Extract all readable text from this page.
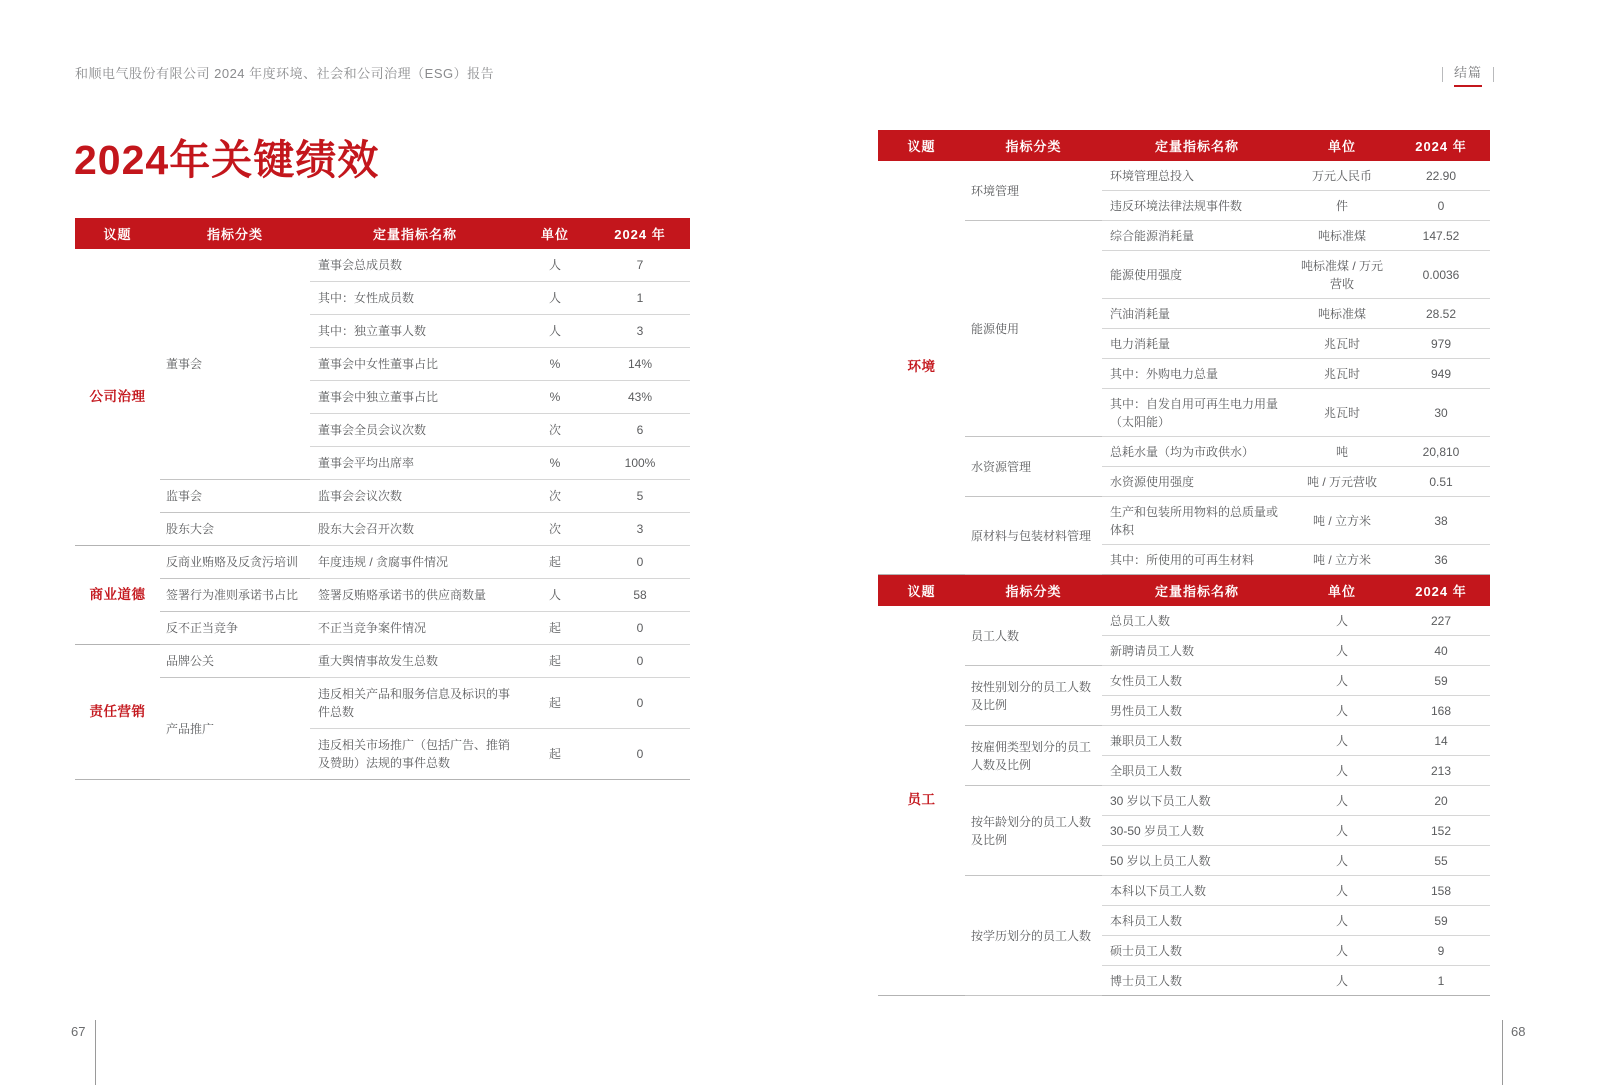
和顺电气股份有限公司 2024 年度环境、社会和公司治理（ESG）报告	结篇
2024年关键绩效
议题	指标分类	定量指标名称	单位	2024 年
公司治理	董事会	董事会总成员数	人	7
		其中：女性成员数	人	1
		其中：独立董事人数	人	3
		董事会中女性董事占比	%	14%
		董事会中独立董事占比	%	43%
		董事会全员会议次数	次	6
		董事会平均出席率	%	100%
	监事会	监事会会议次数	次	5
	股东大会	股东大会召开次数	次	3
商业道德	反商业贿赂及反贪污培训	年度违规 / 贪腐事件情况	起	0
	签署行为准则承诺书占比	签署反贿赂承诺书的供应商数量	人	58
	反不正当竞争	不正当竞争案件情况	起	0
责任营销	品牌公关	重大舆情事故发生总数	起	0
	产品推广	违反相关产品和服务信息及标识的事件总数	起	0
		违反相关市场推广（包括广告、推销及赞助）法规的事件总数	起	0
议题	指标分类	定量指标名称	单位	2024 年
环境	环境管理	环境管理总投入	万元人民币	22.90
		违反环境法律法规事件数	件	0
	能源使用	综合能源消耗量	吨标准煤	147.52
		能源使用强度	吨标准煤 / 万元营收	0.0036
		汽油消耗量	吨标准煤	28.52
		电力消耗量	兆瓦时	979
		其中：外购电力总量	兆瓦时	949
		其中：自发自用可再生电力用量（太阳能）	兆瓦时	30
	水资源管理	总耗水量（均为市政供水）	吨	20,810
		水资源使用强度	吨 / 万元营收	0.51
	原材料与包装材料管理	生产和包装所用物料的总质量或体积	吨 / 立方米	38
		其中：所使用的可再生材料	吨 / 立方米	36
议题	指标分类	定量指标名称	单位	2024 年
员工	员工人数	总员工人数	人	227
		新聘请员工人数	人	40
	按性别划分的员工人数及比例	女性员工人数	人	59
		男性员工人数	人	168
	按雇佣类型划分的员工人数及比例	兼职员工人数	人	14
		全职员工人数	人	213
	按年龄划分的员工人数及比例	30 岁以下员工人数	人	20
		30-50 岁员工人数	人	152
		50 岁以上员工人数	人	55
	按学历划分的员工人数	本科以下员工人数	人	158
		本科员工人数	人	59
		硕士员工人数	人	9
		博士员工人数	人	1
67	68
